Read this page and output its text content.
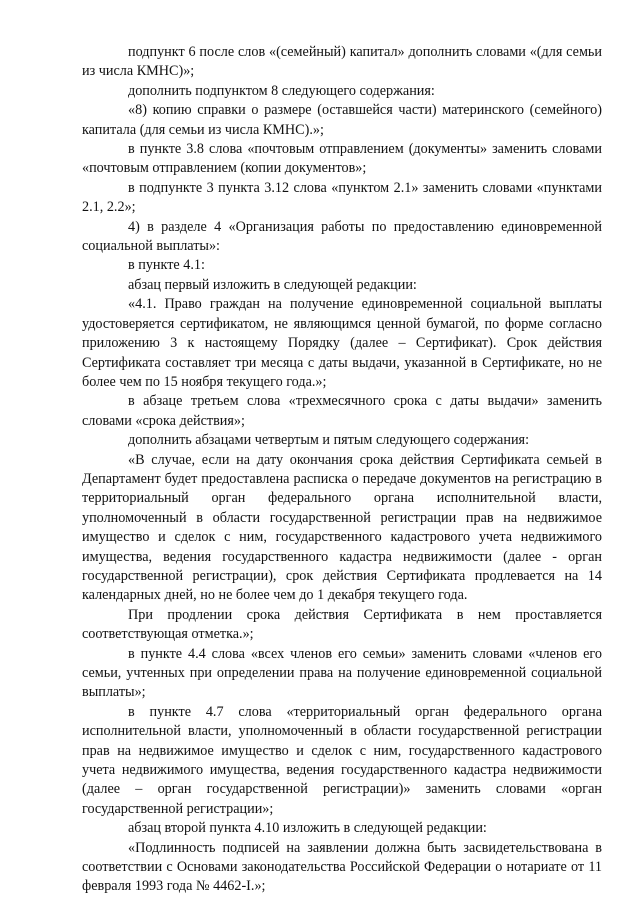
подпункт 6 после слов «(семейный) капитал» дополнить словами «(для семьи из числа КМНС)»;

дополнить подпунктом 8 следующего содержания:

«8) копию справки о размере (оставшейся части) материнского (семейного) капитала (для семьи из числа КМНС).»;

в пункте 3.8 слова «почтовым отправлением (документы» заменить словами «почтовым отправлением (копии документов»;

в подпункте 3 пункта 3.12 слова «пунктом 2.1» заменить словами «пунктами 2.1, 2.2»;

4) в разделе 4 «Организация работы по предоставлению единовременной социальной выплаты»:

в пункте 4.1:

абзац первый изложить в следующей редакции:

«4.1. Право граждан на получение единовременной социальной выплаты удостоверяется сертификатом, не являющимся ценной бумагой, по форме согласно приложению 3 к настоящему Порядку (далее – Сертификат). Срок действия Сертификата составляет три месяца с даты выдачи, указанной в Сертификате, но не более чем по 15 ноября текущего года.»;

в абзаце третьем слова «трехмесячного срока с даты выдачи» заменить словами «срока действия»;

дополнить абзацами четвертым и пятым следующего содержания:

«В случае, если на дату окончания срока действия Сертификата семьей в Департамент будет предоставлена расписка о передаче документов на регистрацию в территориальный орган федерального органа исполнительной власти, уполномоченный в области государственной регистрации прав на недвижимое имущество и сделок с ним, государственного кадастрового учета недвижимого имущества, ведения государственного кадастра недвижимости (далее - орган государственной регистрации), срок действия Сертификата продлевается на 14 календарных дней, но не более чем до 1 декабря текущего года.

При продлении срока действия Сертификата в нем проставляется соответствующая отметка.»;

в пункте 4.4 слова «всех членов его семьи» заменить словами «членов его семьи, учтенных при определении права на получение единовременной социальной выплаты»;

в пункте 4.7 слова «территориальный орган федерального органа исполнительной власти, уполномоченный в области государственной регистрации прав на недвижимое имущество и сделок с ним, государственного кадастрового учета недвижимого имущества, ведения государственного кадастра недвижимости (далее – орган государственной регистрации)» заменить словами «орган государственной регистрации»;

абзац второй пункта 4.10 изложить в следующей редакции:

«Подлинность подписей на заявлении должна быть засвидетельствована в соответствии с Основами законодательства Российской Федерации о нотариате от 11 февраля 1993 года № 4462-I.»;
